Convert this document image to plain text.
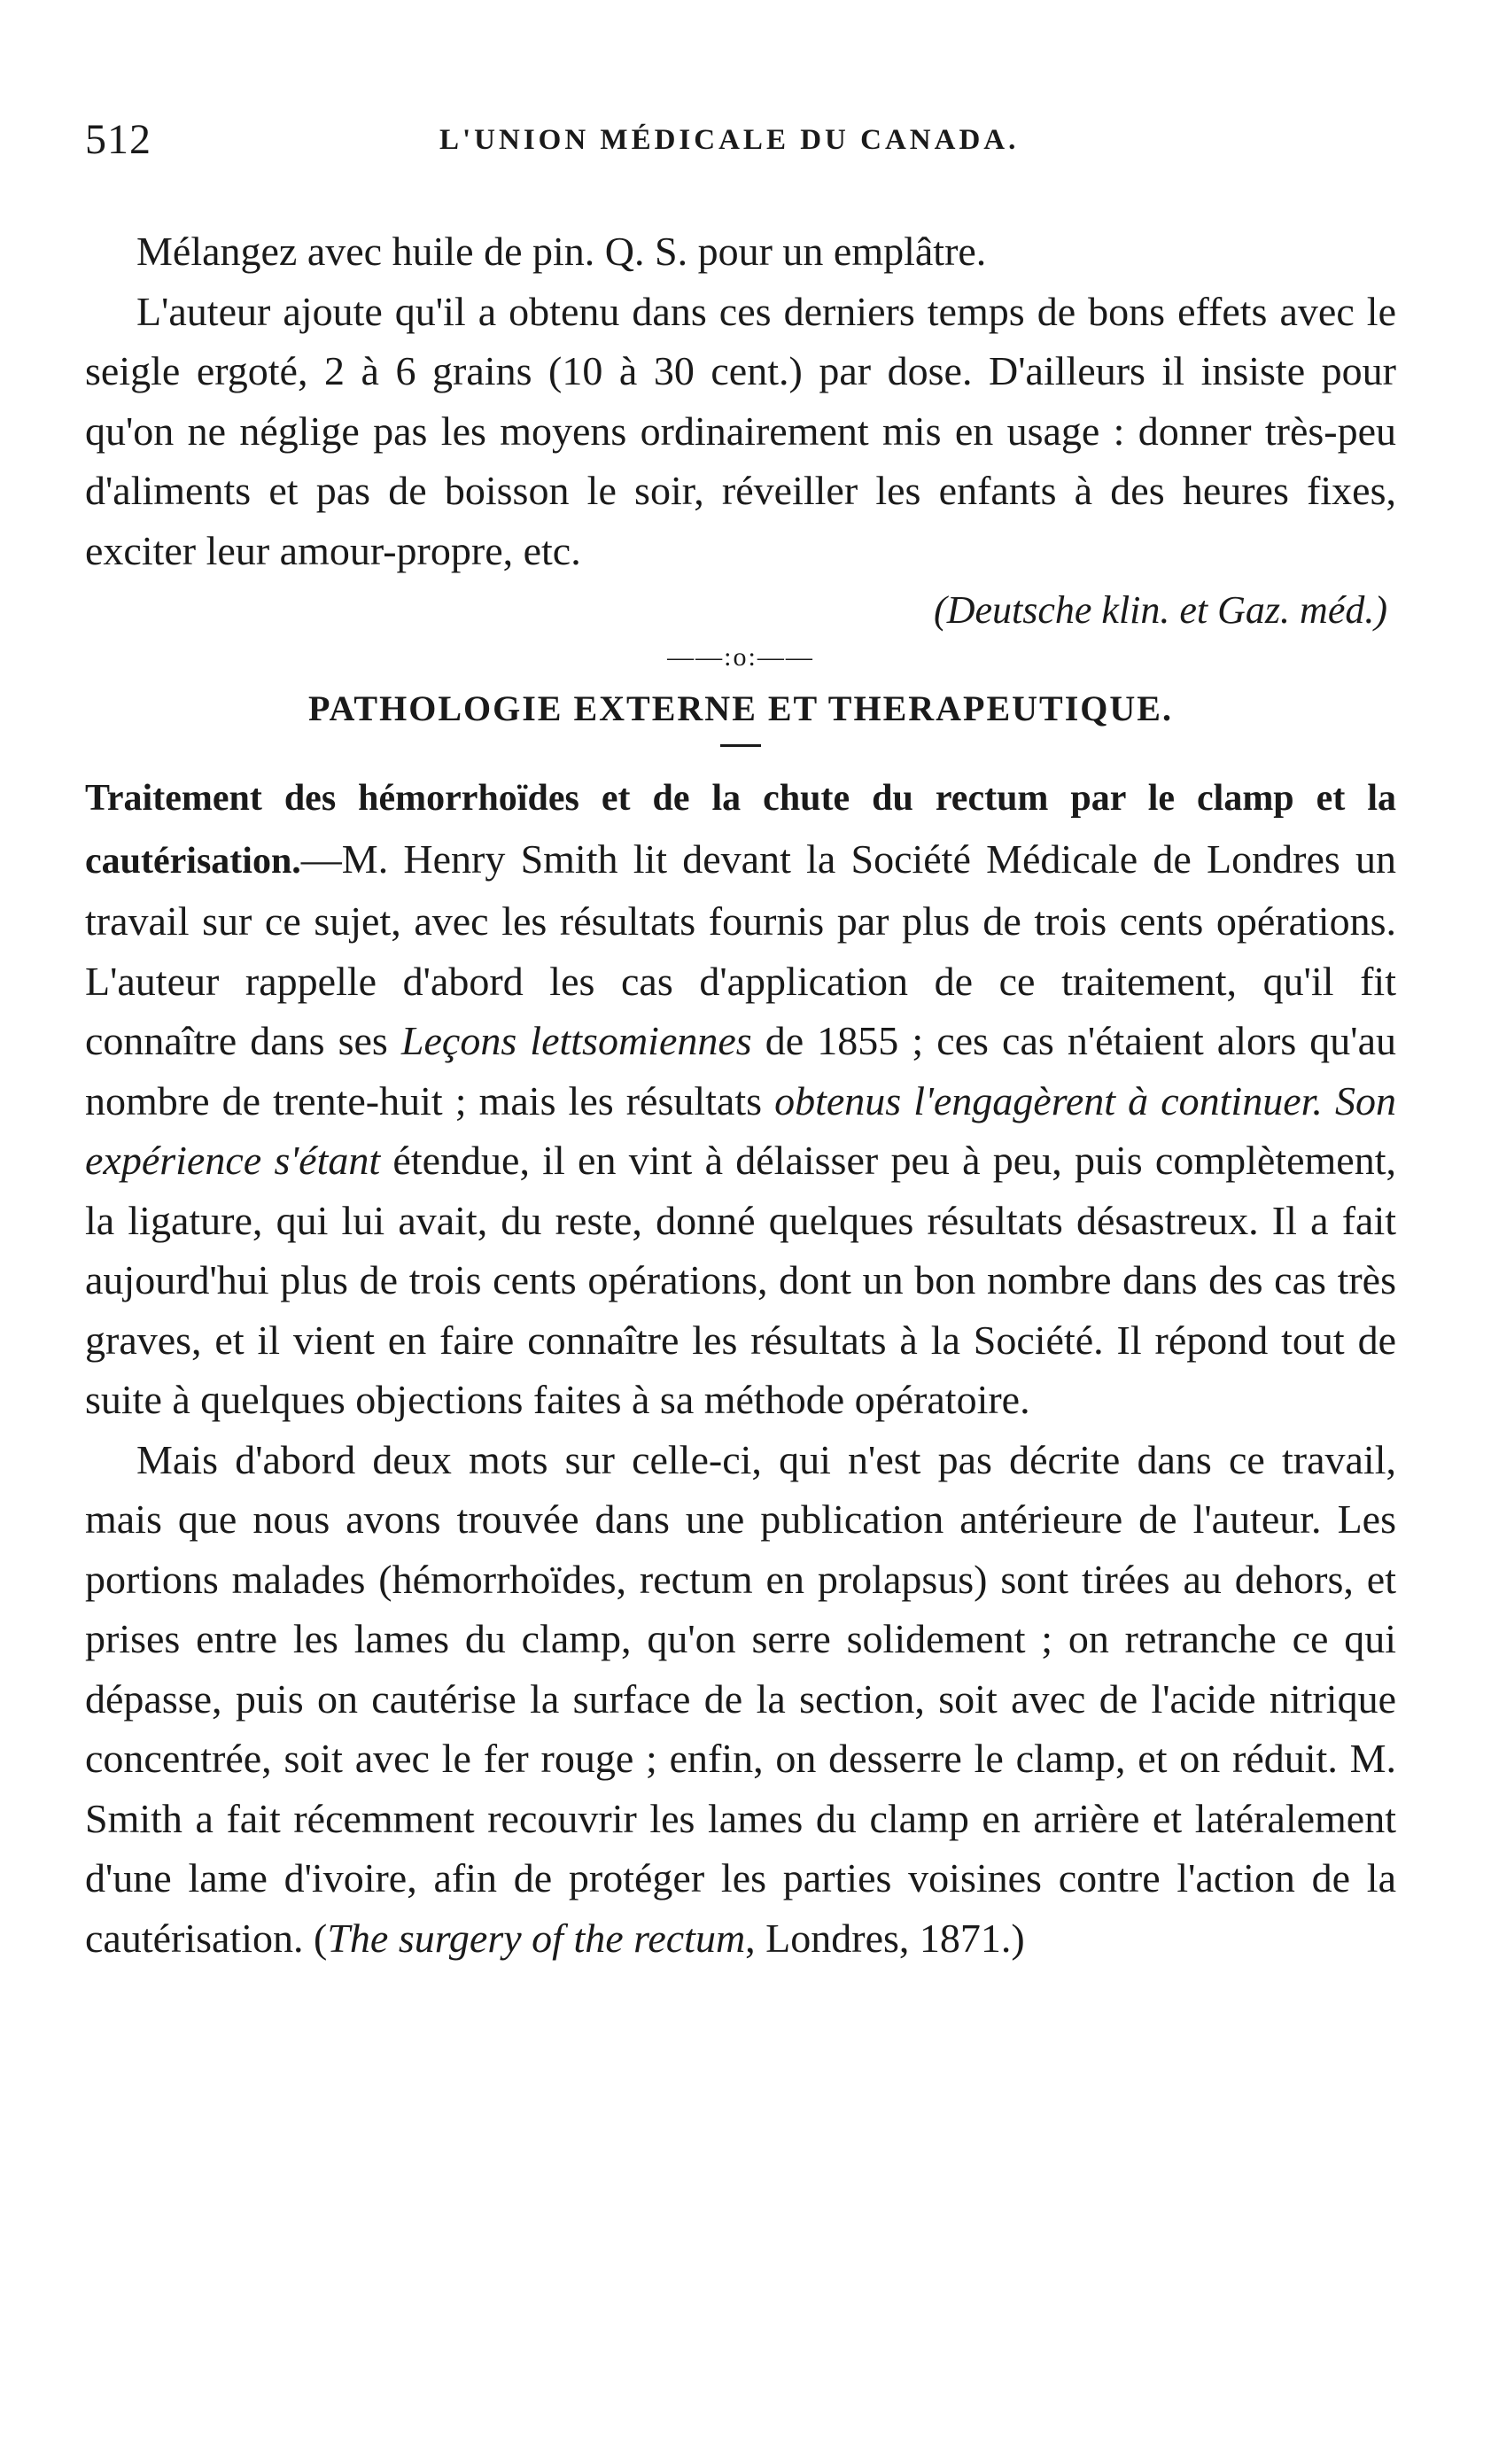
512	L'UNION MÉDICALE DU CANADA.

Mélangez avec huile de pin. Q. S. pour un emplâtre.

L'auteur ajoute qu'il a obtenu dans ces derniers temps de bons effets avec le seigle ergoté, 2 à 6 grains (10 à 30 cent.) par dose. D'ailleurs il insiste pour qu'on ne néglige pas les moyens ordinairement mis en usage : donner très-peu d'aliments et pas de boisson le soir, réveiller les enfants à des heures fixes, exciter leur amour-propre, etc.

(Deutsche klin. et Gaz. méd.)

——:o:——

PATHOLOGIE EXTERNE ET THERAPEUTIQUE.

Traitement des hémorrhoïdes et de la chute du rectum par le clamp et la cautérisation.—M. Henry Smith lit devant la Société Médicale de Londres un travail sur ce sujet, avec les résultats fournis par plus de trois cents opérations. L'auteur rappelle d'abord les cas d'application de ce traitement, qu'il fit connaître dans ses Leçons lettsomiennes de 1855 ; ces cas n'étaient alors qu'au nombre de trente-huit ; mais les résultats obtenus l'engagèrent à continuer. Son expérience s'étant étendue, il en vint à délaisser peu à peu, puis complètement, la ligature, qui lui avait, du reste, donné quelques résultats désastreux. Il a fait aujourd'hui plus de trois cents opérations, dont un bon nombre dans des cas très graves, et il vient en faire connaître les résultats à la Société. Il répond tout de suite à quelques objections faites à sa méthode opératoire.

Mais d'abord deux mots sur celle-ci, qui n'est pas décrite dans ce travail, mais que nous avons trouvée dans une publication antérieure de l'auteur. Les portions malades (hémorrhoïdes, rectum en prolapsus) sont tirées au dehors, et prises entre les lames du clamp, qu'on serre solidement ; on retranche ce qui dépasse, puis on cautérise la surface de la section, soit avec de l'acide nitrique concentrée, soit avec le fer rouge ; enfin, on desserre le clamp, et on réduit. M. Smith a fait récemment recouvrir les lames du clamp en arrière et latéralement d'une lame d'ivoire, afin de protéger les parties voisines contre l'action de la cautérisation. (The surgery of the rectum, Londres, 1871.)
